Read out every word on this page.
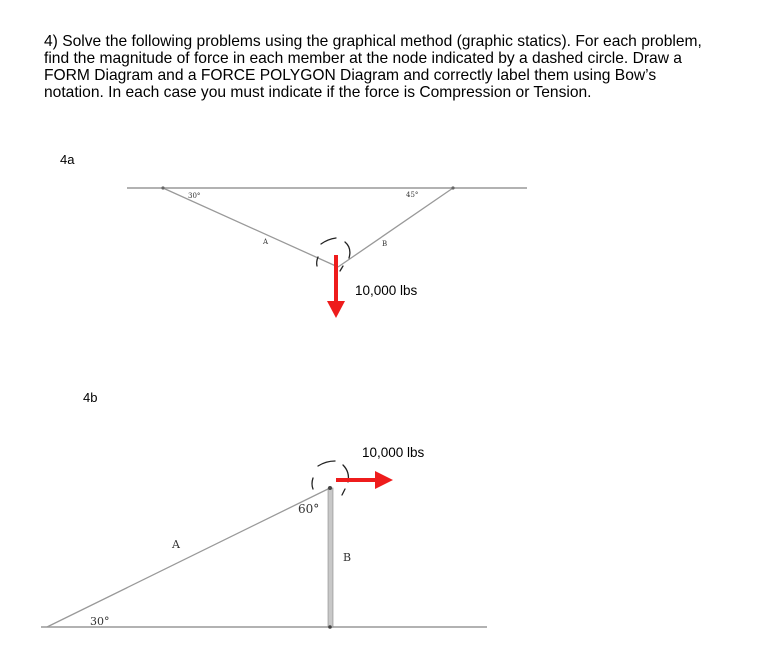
4) Solve the following problems using the graphical method (graphic statics). For each problem,
find the magnitude of force in each member at the node indicated by a dashed circle. Draw a
FORM Diagram and a FORCE POLYGON Diagram and correctly label them using Bow’s
notation. In each case you must indicate if the force is Compression or Tension.
4a
4b
10,000 lbs
10,000 lbs
30°	45°
A	B
30°
60°
A
B
